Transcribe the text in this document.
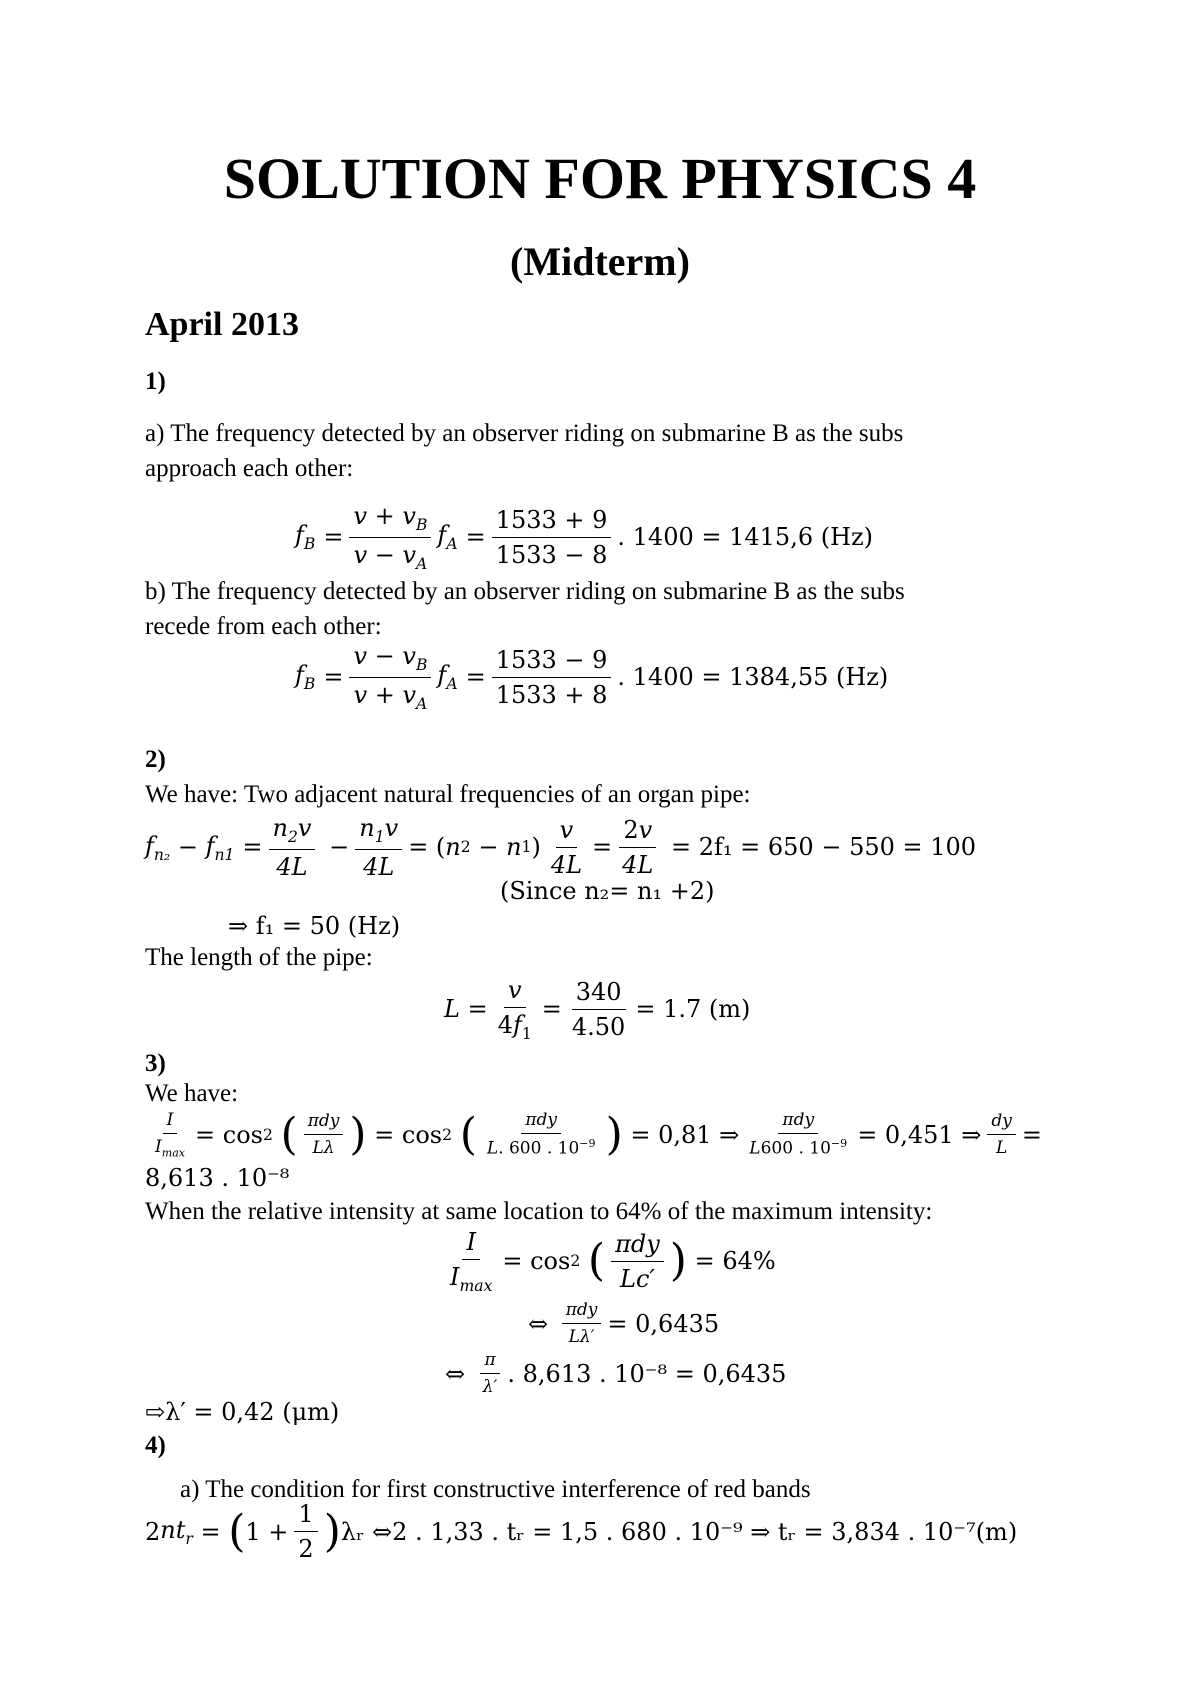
SOLUTION FOR PHYSICS 4
(Midterm)
April 2013
1)
a) The frequency detected by an observer riding on submarine B as the subs
approach each other:
$f_B = \frac{v + v_B}{v - v_A} f_A = \frac{1533 + 9}{1533 - 8}$ . 1400 = 1415,6 (Hz)
b) The frequency detected by an observer riding on submarine B as the subs
recede from each other:
$f_B = \frac{v - v_B}{v + v_A} f_A = \frac{1533 - 9}{1533 + 8}$ . 1400 = 1384,55 (Hz)
2)
We have: Two adjacent natural frequencies of an organ pipe:
$f_{n_2} - f_{n1} = \frac{n_2v}{4L} - \frac{n_1v}{4L}$ = ( n 2 − n 1 ) $\frac{v}{4L} = \frac{2v}{4L}$
= 2f₁ = 650 − 550 = 100
(Since n₂= n₁ +2)
⇒ f₁ = 50 (Hz)
The length of the pipe:
$L = \frac{v}{4f_1} = \frac{340}{4.50} = 1.7$ (m)
3)
We have:
$\frac{I}{I_{max}} = \cos 2$
( $\frac{\text{πdy}}{L\lambda}$ ) = cos 2
( $\frac{\text{πdy}}{L. 600 . 10^{-9}}$ )
= 0,81 ⇒ $\frac{\text{πdy}}{L600 . 10^{-9}} = 0,451$ ⇒ $\frac{dy}{L}$ =
8,613 . 10⁻⁸
When the relative intensity at same location to 64% of the maximum intensity:
$\frac{I}{I_{max}} = \cos 2$
( $\frac{\text{πdy}}{Lc'}$ )
= 64%
⇔ $\frac{\text{πdy}}{L\lambda'} = 0,6435$
⇔ $\frac{\pi}{\lambda'}$ . 8,613 . 10⁻⁸ = 0,6435
⇨λ′ = 0,42 (μm)
4)
a) The condition for first constructive interference of red bands
2 $nt_r$ = ( $1 + \frac{1}{2}$ ) λᵣ ⇔2 . 1,33 . tᵣ = 1,5 . 680 . 10⁻⁹ ⇒ tᵣ = 3,834 . 10⁻⁷(m)
